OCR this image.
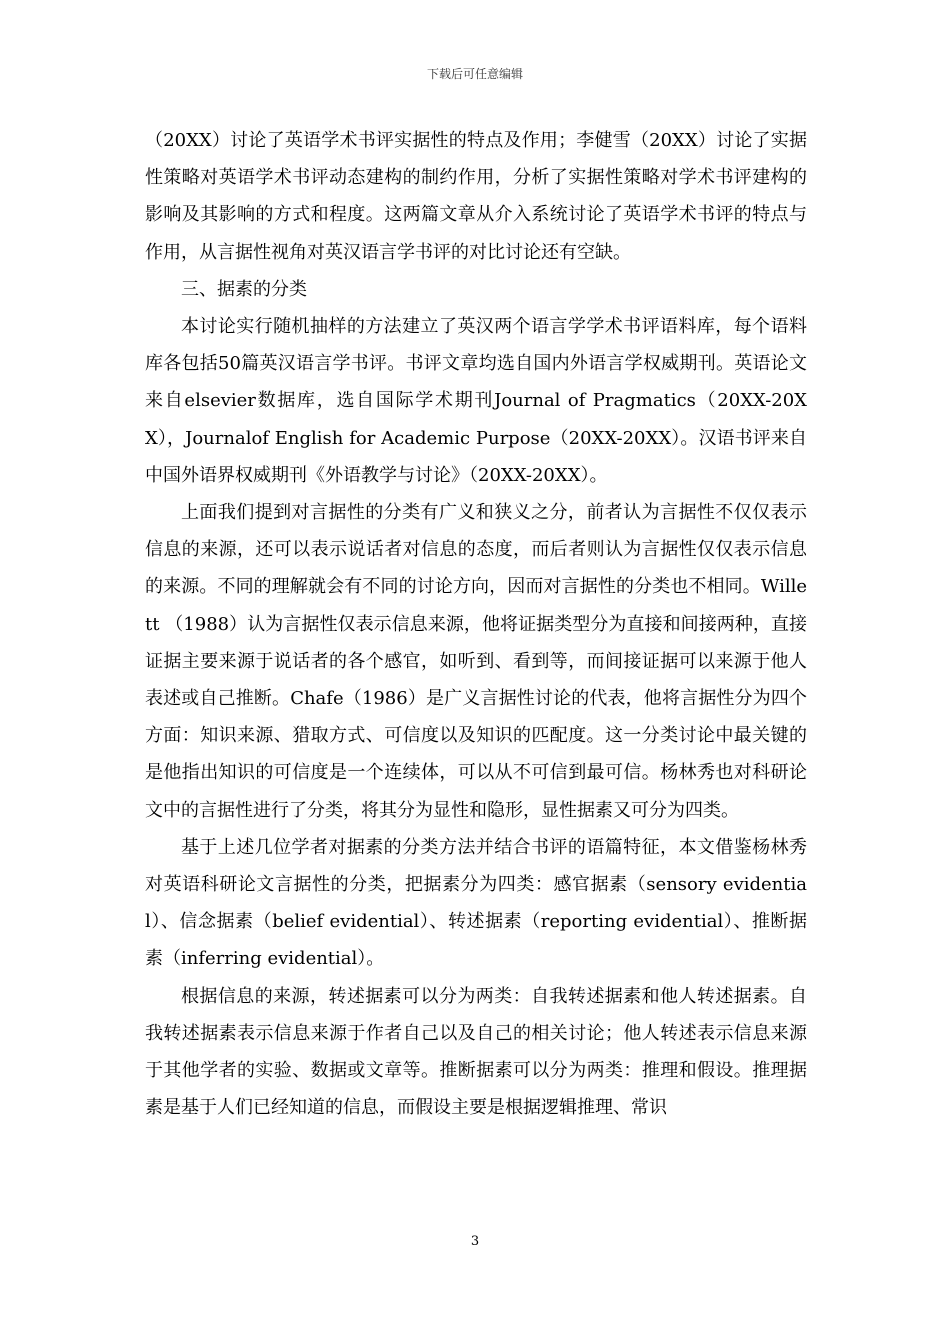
下载后可任意编辑

（20XX）讨论了英语学术书评实据性的特点及作用；李健雪（20XX）讨论了实据性策略对英语学术书评动态建构的制约作用，分析了实据性策略对学术书评建构的影响及其影响的方式和程度。这两篇文章从介入系统讨论了英语学术书评的特点与作用，从言据性视角对英汉语言学书评的对比讨论还有空缺。

三、据素的分类

本讨论实行随机抽样的方法建立了英汉两个语言学学术书评语料库，每个语料库各包括50篇英汉语言学书评。书评文章均选自国内外语言学权威期刊。英语论文来自elsevier数据库，选自国际学术期刊Journal of Pragmatics（20XX-20XX），Journalof English for Academic Purpose（20XX-20XX）。汉语书评来自中国外语界权威期刊《外语教学与讨论》（20XX-20XX）。

上面我们提到对言据性的分类有广义和狭义之分，前者认为言据性不仅仅表示信息的来源，还可以表示说话者对信息的态度，而后者则认为言据性仅仅表示信息的来源。不同的理解就会有不同的讨论方向，因而对言据性的分类也不相同。Willett （1988）认为言据性仅表示信息来源，他将证据类型分为直接和间接两种，直接证据主要来源于说话者的各个感官，如听到、看到等，而间接证据可以来源于他人表述或自己推断。Chafe（1986）是广义言据性讨论的代表，他将言据性分为四个方面：知识来源、猎取方式、可信度以及知识的匹配度。这一分类讨论中最关键的是他指出知识的可信度是一个连续体，可以从不可信到最可信。杨林秀也对科研论文中的言据性进行了分类，将其分为显性和隐形，显性据素又可分为四类。

基于上述几位学者对据素的分类方法并结合书评的语篇特征，本文借鉴杨林秀对英语科研论文言据性的分类，把据素分为四类：感官据素（sensory evidential）、信念据素（belief evidential）、转述据素（reporting evidential）、推断据素（inferring evidential）。

根据信息的来源，转述据素可以分为两类：自我转述据素和他人转述据素。自我转述据素表示信息来源于作者自己以及自己的相关讨论；他人转述表示信息来源于其他学者的实验、数据或文章等。推断据素可以分为两类：推理和假设。推理据素是基于人们已经知道的信息，而假设主要是根据逻辑推理、常识

3
